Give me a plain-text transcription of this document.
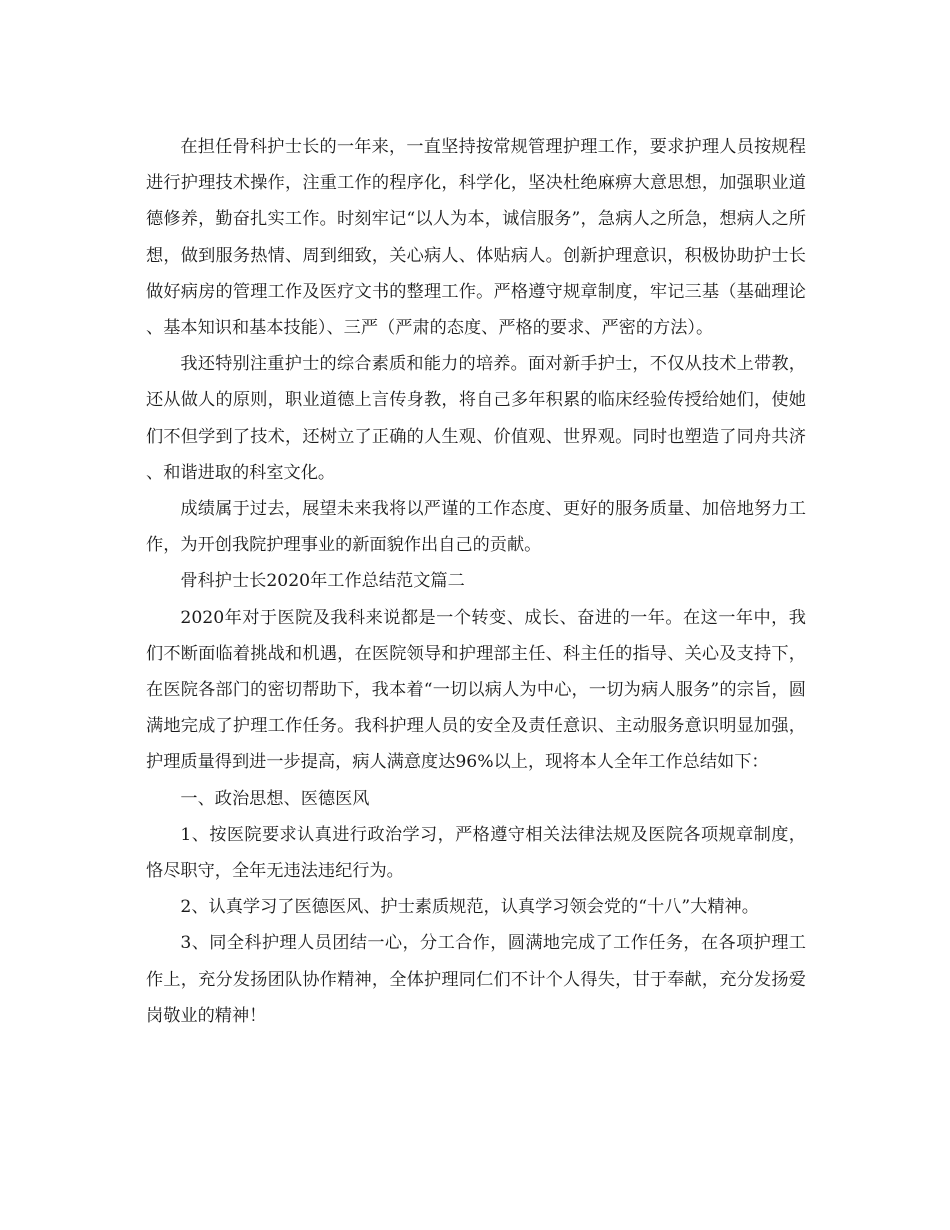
在担任骨科护士长的一年来，一直坚持按常规管理护理工作，要求护理人员按规程进行护理技术操作，注重工作的程序化，科学化，坚决杜绝麻痹大意思想，加强职业道德修养，勤奋扎实工作。时刻牢记“以人为本，诚信服务”，急病人之所急，想病人之所想，做到服务热情、周到细致，关心病人、体贴病人。创新护理意识，积极协助护士长做好病房的管理工作及医疗文书的整理工作。严格遵守规章制度，牢记三基（基础理论、基本知识和基本技能）、三严（严肃的态度、严格的要求、严密的方法）。

我还特别注重护士的综合素质和能力的培养。面对新手护士，不仅从技术上带教，还从做人的原则，职业道德上言传身教，将自己多年积累的临床经验传授给她们，使她们不但学到了技术，还树立了正确的人生观、价值观、世界观。同时也塑造了同舟共济、和谐进取的科室文化。

成绩属于过去，展望未来我将以严谨的工作态度、更好的服务质量、加倍地努力工作，为开创我院护理事业的新面貌作出自己的贡献。

骨科护士长2020年工作总结范文篇二

2020年对于医院及我科来说都是一个转变、成长、奋进的一年。在这一年中，我们不断面临着挑战和机遇，在医院领导和护理部主任、科主任的指导、关心及支持下，在医院各部门的密切帮助下，我本着“一切以病人为中心，一切为病人服务”的宗旨，圆满地完成了护理工作任务。我科护理人员的安全及责任意识、主动服务意识明显加强，护理质量得到进一步提高，病人满意度达96%以上，现将本人全年工作总结如下：

一、政治思想、医德医风

1、按医院要求认真进行政治学习，严格遵守相关法律法规及医院各项规章制度，恪尽职守，全年无违法违纪行为。

2、认真学习了医德医风、护士素质规范，认真学习领会党的“十八”大精神。

3、同全科护理人员团结一心，分工合作，圆满地完成了工作任务，在各项护理工作上，充分发扬团队协作精神，全体护理同仁们不计个人得失，甘于奉献，充分发扬爱岗敬业的精神！
